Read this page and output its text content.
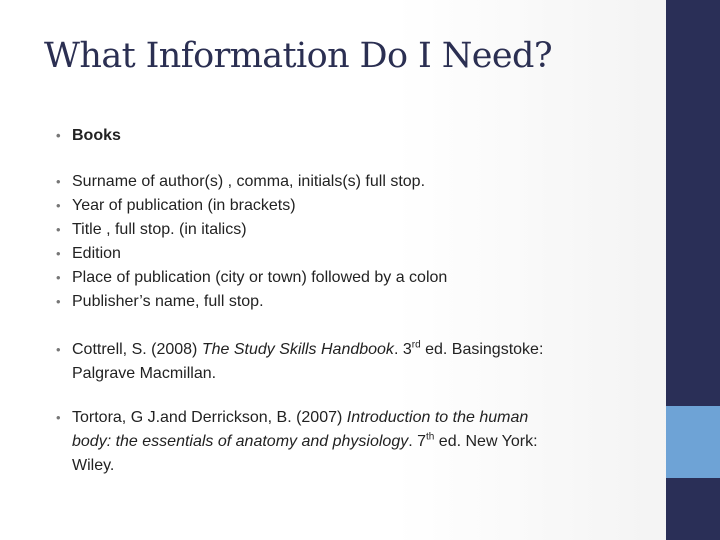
What Information Do I Need?
• Books
• Surname of author(s) , comma, initials(s) full stop.
• Year of publication (in brackets)
• Title , full stop. (in italics)
• Edition
• Place of publication (city or town) followed by a colon
• Publisher’s name, full stop.
• Cottrell, S. (2008) The Study Skills Handbook. 3rd ed. Basingstoke:
Palgrave Macmillan.
• Tortora, G J.and Derrickson, B. (2007) Introduction to the human
body: the essentials of anatomy and physiology. 7th ed. New York:
Wiley.
